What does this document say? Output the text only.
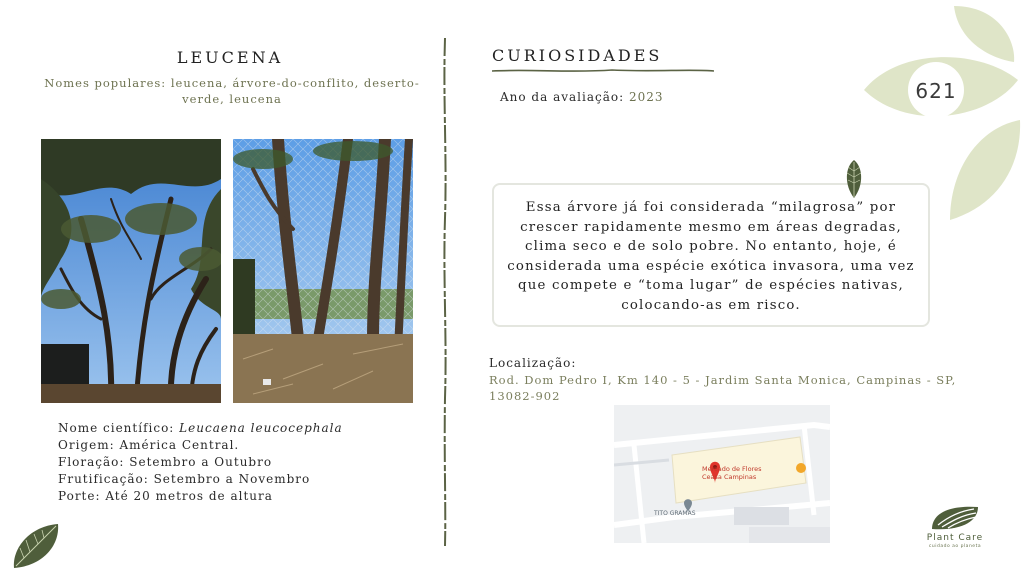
621
LEUCENA
Nomes populares: leucena, árvore-do-conflito, deserto-verde, leucena
Nome científico: Leucaena leucocephala
Origem: América Central.
Floração: Setembro a Outubro
Frutificação: Setembro a Novembro
Porte: Até 20 metros de altura
CURIOSIDADES
Ano da avaliação: 2023
Essa árvore já foi considerada “milagrosa” por crescer rapidamente mesmo em áreas degradas, clima seco e de solo pobre. No entanto, hoje, é considerada uma espécie exótica invasora, uma vez que compete e “toma lugar” de espécies nativas, colocando-as em risco.
Localização:
Rod. Dom Pedro I, Km 140 - 5 - Jardim Santa Monica, Campinas - SP, 13082-902
Mercado de Flores
Ceasa Campinas
TITO GRAMAS
Plant Care
cuidado ao planeta
